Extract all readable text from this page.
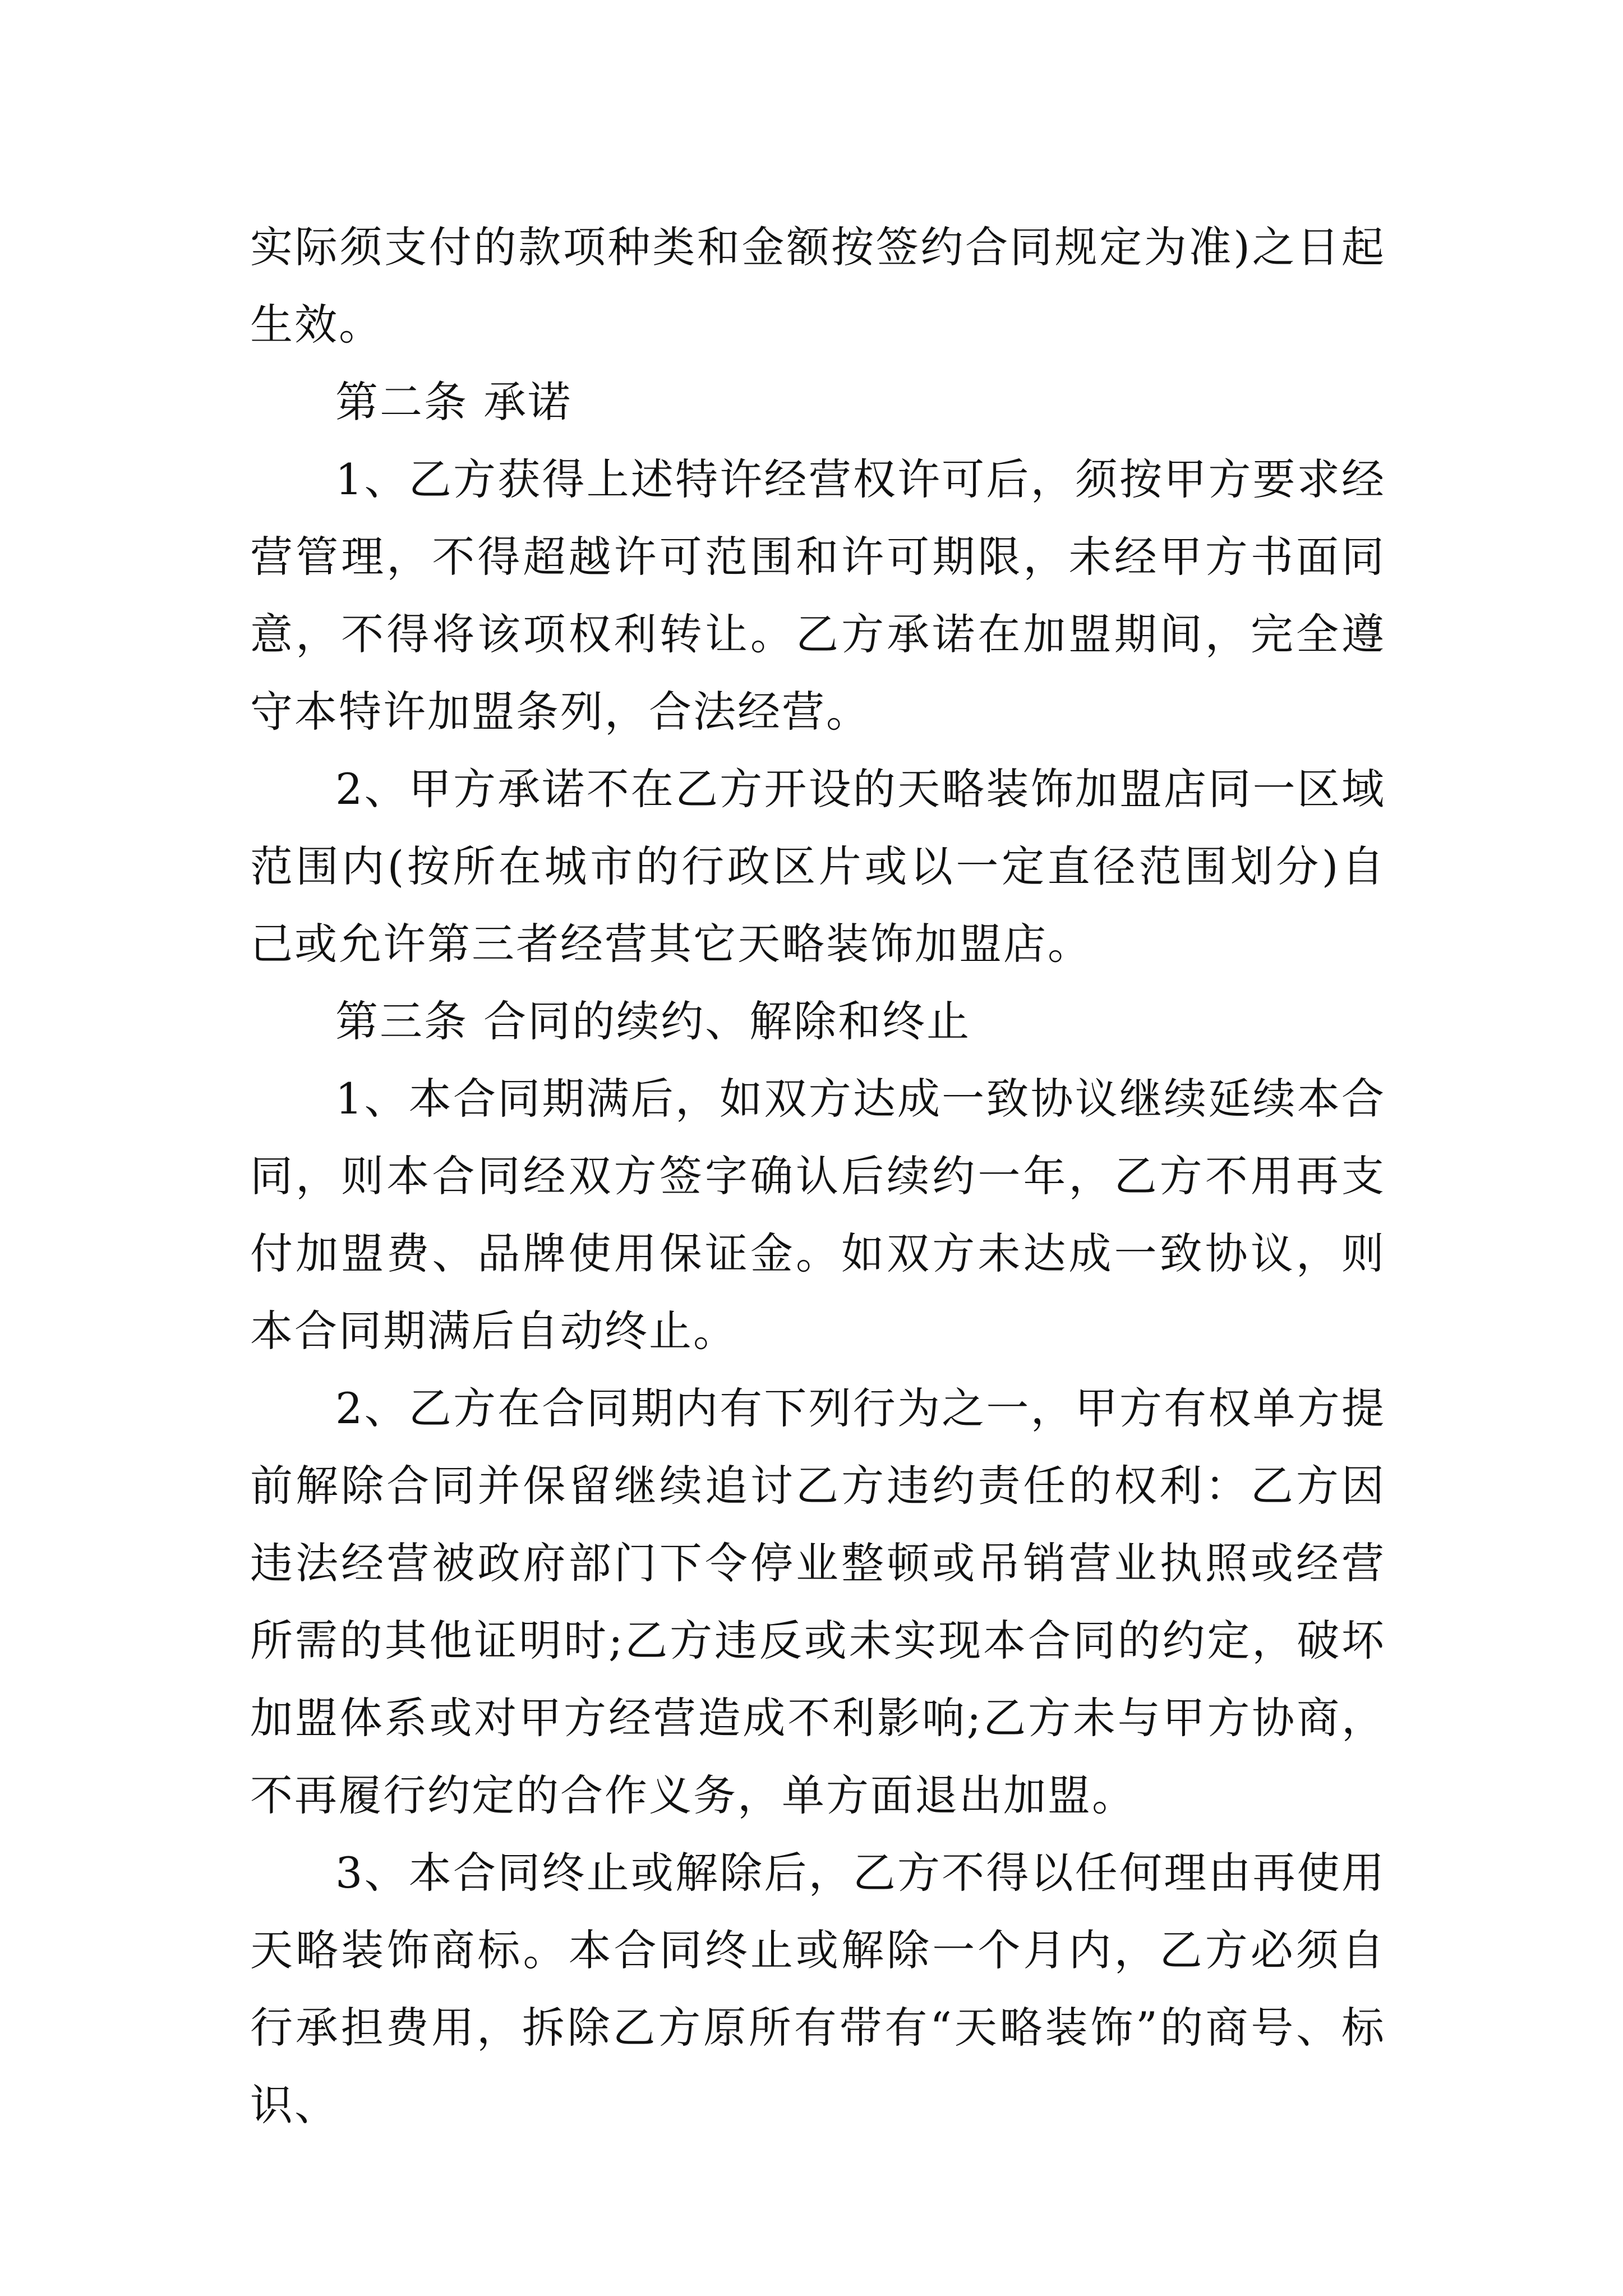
实际须支付的款项种类和金额按签约合同规定为准)之日起生效。

第二条 承诺

1、乙方获得上述特许经营权许可后，须按甲方要求经营管理，不得超越许可范围和许可期限，未经甲方书面同意，不得将该项权利转让。乙方承诺在加盟期间，完全遵守本特许加盟条列，合法经营。

2、甲方承诺不在乙方开设的天略装饰加盟店同一区域范围内(按所在城市的行政区片或以一定直径范围划分)自己或允许第三者经营其它天略装饰加盟店。

第三条 合同的续约、解除和终止

1、本合同期满后，如双方达成一致协议继续延续本合同，则本合同经双方签字确认后续约一年，乙方不用再支付加盟费、品牌使用保证金。如双方未达成一致协议，则本合同期满后自动终止。

2、乙方在合同期内有下列行为之一，甲方有权单方提前解除合同并保留继续追讨乙方违约责任的权利：乙方因违法经营被政府部门下令停业整顿或吊销营业执照或经营所需的其他证明时;乙方违反或未实现本合同的约定，破坏加盟体系或对甲方经营造成不利影响;乙方未与甲方协商，不再履行约定的合作义务，单方面退出加盟。

3、本合同终止或解除后，乙方不得以任何理由再使用天略装饰商标。本合同终止或解除一个月内，乙方必须自行承担费用，拆除乙方原所有带有“天略装饰”的商号、标识、
